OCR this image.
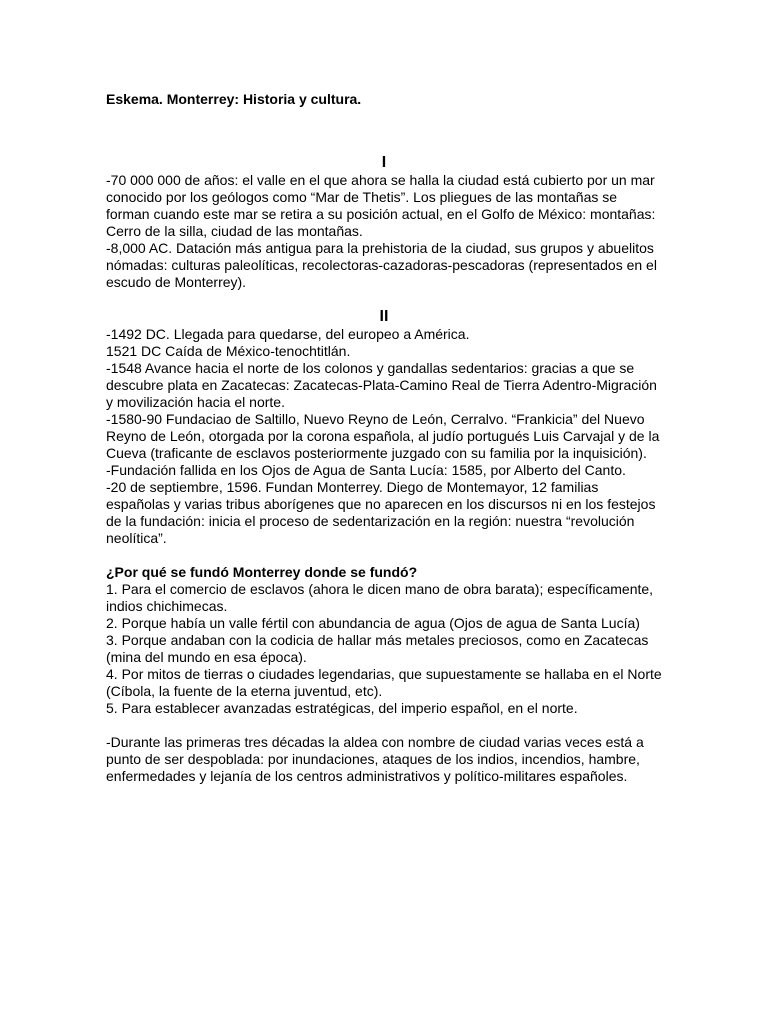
Eskema. Monterrey: Historia y cultura.

I

-70 000 000 de años: el valle en el que ahora se halla la ciudad está cubierto por un mar conocido por los geólogos como “Mar de Thetis”. Los pliegues de las montañas se forman cuando este mar se retira a su posición actual, en el Golfo de México: montañas: Cerro de la silla, ciudad de las montañas.

-8,000 AC. Datación más antigua para la prehistoria de la ciudad, sus grupos y abuelitos nómadas: culturas paleolíticas, recolectoras-cazadoras-pescadoras (representados en el escudo de Monterrey).

II

-1492 DC. Llegada para quedarse, del europeo a América.

1521 DC Caída de México-tenochtitlán.

-1548 Avance hacia el norte de los colonos y gandallas sedentarios: gracias a que se descubre plata en Zacatecas: Zacatecas-Plata-Camino Real de Tierra Adentro-Migración y movilización hacia el norte.

-1580-90 Fundaciao de Saltillo, Nuevo Reyno de León, Cerralvo. “Frankicia” del Nuevo Reyno de León, otorgada por la corona española, al judío portugués Luis Carvajal y de la Cueva (traficante de esclavos posteriormente juzgado con su familia por la inquisición).

-Fundación fallida en los Ojos de Agua de Santa Lucía: 1585, por Alberto del Canto.

-20 de septiembre, 1596. Fundan Monterrey. Diego de Montemayor, 12 familias españolas y varias tribus aborígenes que no aparecen en los discursos ni en los festejos de la fundación: inicia el proceso de sedentarización en la región: nuestra “revolución neolítica”.

¿Por qué se fundó Monterrey donde se fundó?

1. Para el comercio de esclavos (ahora le dicen mano de obra barata); específicamente, indios chichimecas.

2. Porque había un valle fértil con abundancia de agua (Ojos de agua de Santa Lucía)

3. Porque andaban con la codicia de hallar más metales preciosos, como en Zacatecas (mina del mundo en esa época).

4. Por mitos de tierras o ciudades legendarias, que supuestamente se hallaba en el Norte (Cíbola, la fuente de la eterna juventud, etc).

5. Para establecer avanzadas estratégicas, del imperio español, en el norte.

-Durante las primeras tres décadas la aldea con nombre de ciudad varias veces está a punto de ser despoblada: por inundaciones, ataques de los indios, incendios, hambre, enfermedades y lejanía de los centros administrativos y político-militares españoles.
